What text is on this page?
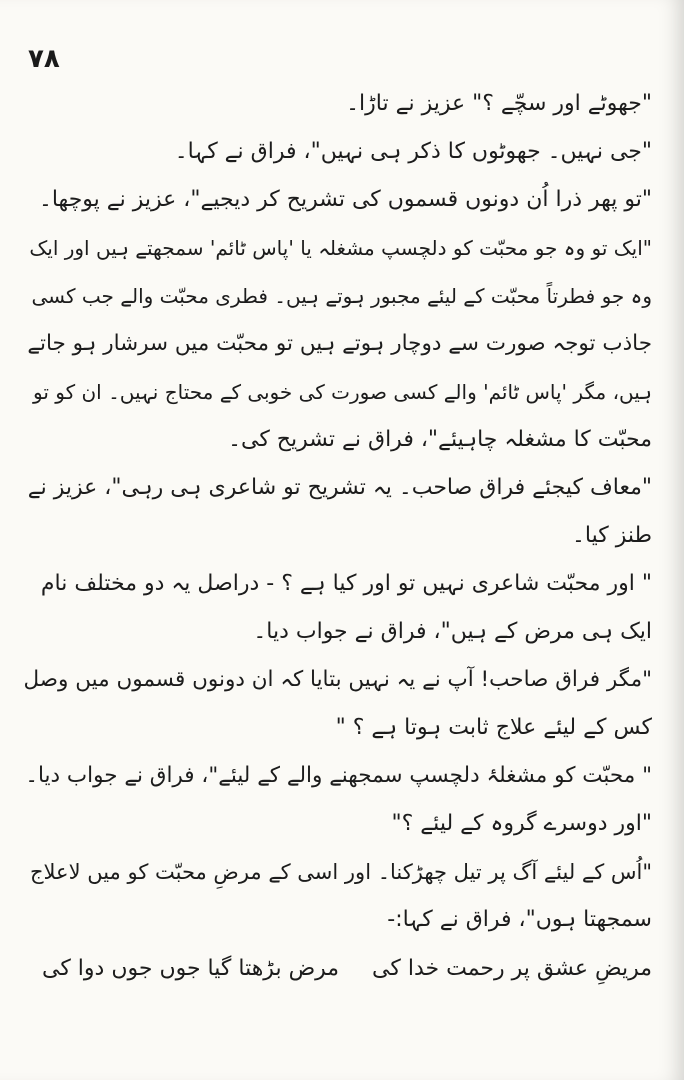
۷۸
"جھوٹے اور سچّے ؟" عزیز نے تاڑا۔
"جی نہیں۔ جھوٹوں کا ذکر ہی نہیں"، فراق نے کہا۔
"تو پھر ذرا اُن دونوں قسموں کی تشریح کر دیجیے"، عزیز نے پوچھا۔
"ایک تو وہ جو محبّت کو دلچسپ مشغلہ یا 'پاس ٹائم' سمجھتے ہیں اور ایک
وہ جو فطرتاً محبّت کے لیئے مجبور ہوتے ہیں۔ فطری محبّت والے جب کسی
جاذب توجہ صورت سے دوچار ہوتے ہیں تو محبّت میں سرشار ہو جاتے
ہیں، مگر 'پاس ٹائم' والے کسی صورت کی خوبی کے محتاج نہیں۔ ان کو تو
محبّت کا مشغلہ چاہیئے"، فراق نے تشریح کی۔
"معاف کیجئے فراق صاحب۔ یہ تشریح تو شاعری ہی رہی"، عزیز نے
طنز کیا۔
" اور محبّت شاعری نہیں تو اور کیا ہے ؟ - دراصل یہ دو مختلف نام
ایک ہی مرض کے ہیں"، فراق نے جواب دیا۔
"مگر فراق صاحب! آپ نے یہ نہیں بتایا کہ ان دونوں قسموں میں وصل
کس کے لیئے علاج ثابت ہوتا ہے ؟ "
" محبّت کو مشغلۂ دلچسپ سمجھنے والے کے لیئے"، فراق نے جواب دیا۔
"اور دوسرے گروہ کے لیئے ؟"
"اُس کے لیئے آگ پر تیل چھڑکنا۔ اور اسی کے مرضِ محبّت کو میں لاعلاج
سمجھتا ہوں"، فراق نے کہا:-
مریضِ عشق پر رحمت خدا کی
مرض بڑھتا گیا جوں جوں دوا کی
